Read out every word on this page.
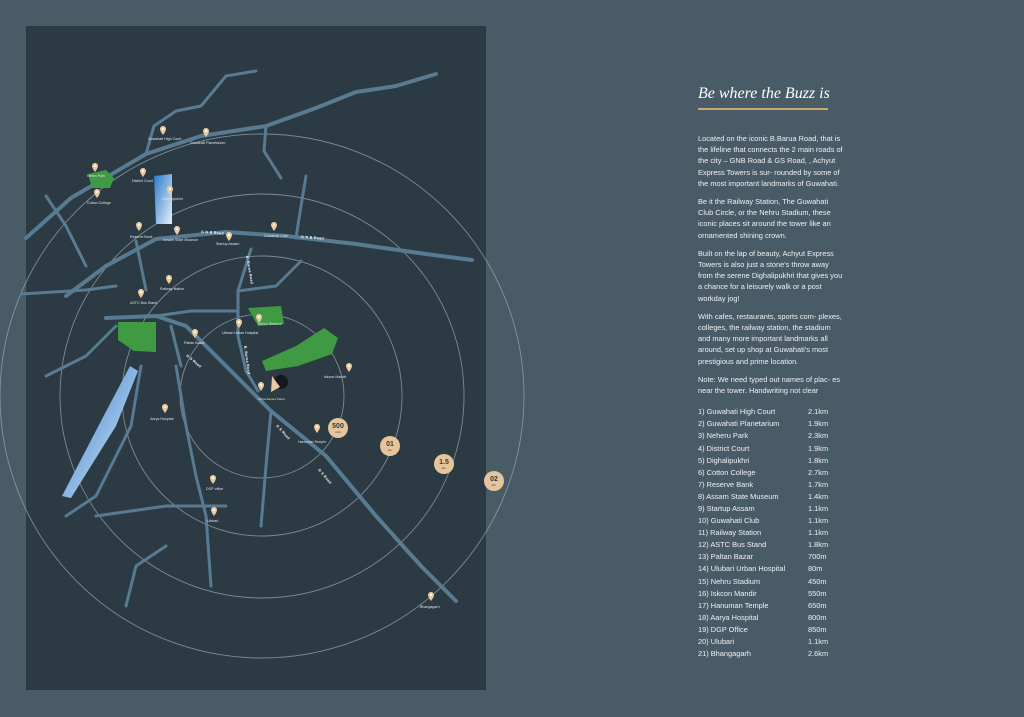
G N B Road
G N B Road
G S Road
G S Road
G S Road
B. Barua Road
B. Barua Road
Guwahati High Court
Guwahati Planetarium
Nehru Park
District Court
Dighalipukhri
Cotton College
Reserve Bank
Assam State Museum
Startup Assam
Guwahati Club
Railway station
ASTC Bus Stand
Paltan Bazar
Ulubari Urban Hospital
Nehru Stadium
Iskcon Mandir
Hanuman Temple
Aarya Hospital
DGP office
Ulubari
Bhangagarh
Achyut Express Towers
500
mtrs
01
km
1.5
km
02
km
Be where the Buzz is

Located on the iconic B.Barua Road, that is the lifeline that connects the 2 main roads of the city – GNB Road & GS Road, , Achyut Express Towers is sur- rounded by some of the most important landmarks of Guwahati.

Be it the Railway Station, The Guwahati Club Circle, or the Nehru Stadium, these iconic places sit around the tower like an ornamented shining crown.

Built on the lap of beauty, Achyut Express Towers is also just a stone's throw away from the serene Dighalipukhri that gives you a chance for a leisurely walk or a post workday jog!

With cafes, restaurants, sports com- plexes, colleges, the railway station, the stadium and many more important landmarks all around, set up shop at Guwahati's most prestigious and prime location.

Note: We need typed out names of plac- es near the tower. Handwriting not clear

1) Guwahati High Court	2.1km
2) Guwahati Planetarium	1.9km
3) Neheru Park	2.3km
4) District Court	1.9km
5) Dighalipukhri	1.8km
6) Cotton College	2.7km
7) Reserve Bank	1.7km
8) Assam State Museum	1.4km
9) Startup Assam	1.1km
10) Guwahati Club	1.1km
11) Railway Station	1.1km
12) ASTC Bus Stand	1.8km
13) Paltan Bazar	700m
14) Ulubari Urban Hospital	80m
15) Nehru Stadium	450m
16) Iskcon Mandir	550m
17) Hanuman Temple	650m
18) Aarya Hospital	800m
19) DGP Office	850m
20) Ulubari	1.1km
21) Bhangagarh	2.6km
